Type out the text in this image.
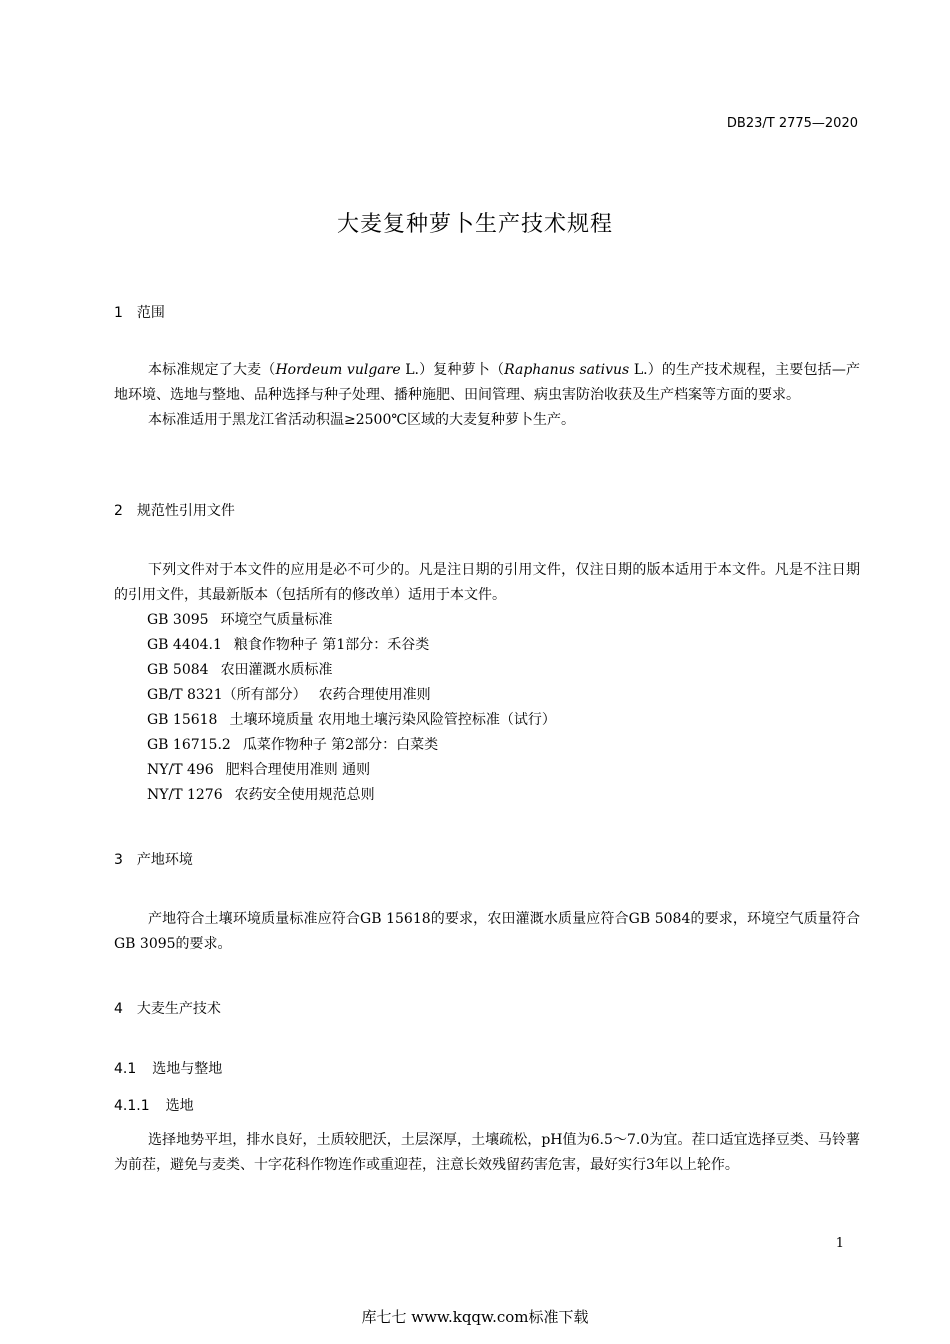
DB23/T 2775—2020
大麦复种萝卜生产技术规程
1 范围

本标准规定了大麦（Hordeum vulgare L.）复种萝卜（Raphanus sativus L.）的生产技术规程，主要包括—产地环境、选地与整地、品种选择与种子处理、播种施肥、田间管理、病虫害防治收获及生产档案等方面的要求。

本标准适用于黑龙江省活动积温≥2500℃区域的大麦复种萝卜生产。

2 规范性引用文件

下列文件对于本文件的应用是必不可少的。凡是注日期的引用文件，仅注日期的版本适用于本文件。凡是不注日期的引用文件，其最新版本（包括所有的修改单）适用于本文件。

GB 3095 环境空气质量标准
GB 4404.1 粮食作物种子 第1部分：禾谷类
GB 5084 农田灌溉水质标准
GB/T 8321（所有部分） 农药合理使用准则
GB 15618 土壤环境质量 农用地土壤污染风险管控标准（试行）
GB 16715.2 瓜菜作物种子 第2部分：白菜类
NY/T 496 肥料合理使用准则 通则
NY/T 1276 农药安全使用规范总则
3 产地环境

产地符合土壤环境质量标准应符合GB 15618的要求，农田灌溉水质量应符合GB 5084的要求，环境空气质量符合GB 3095的要求。

4 大麦生产技术
4.1 选地与整地
4.1.1 选地

选择地势平坦，排水良好，土质较肥沃，土层深厚，土壤疏松，pH值为6.5～7.0为宜。茬口适宜选择豆类、马铃薯为前茬，避免与麦类、十字花科作物连作或重迎茬，注意长效残留药害危害，最好实行3年以上轮作。

1
库七七 www.kqqw.com标准下载
